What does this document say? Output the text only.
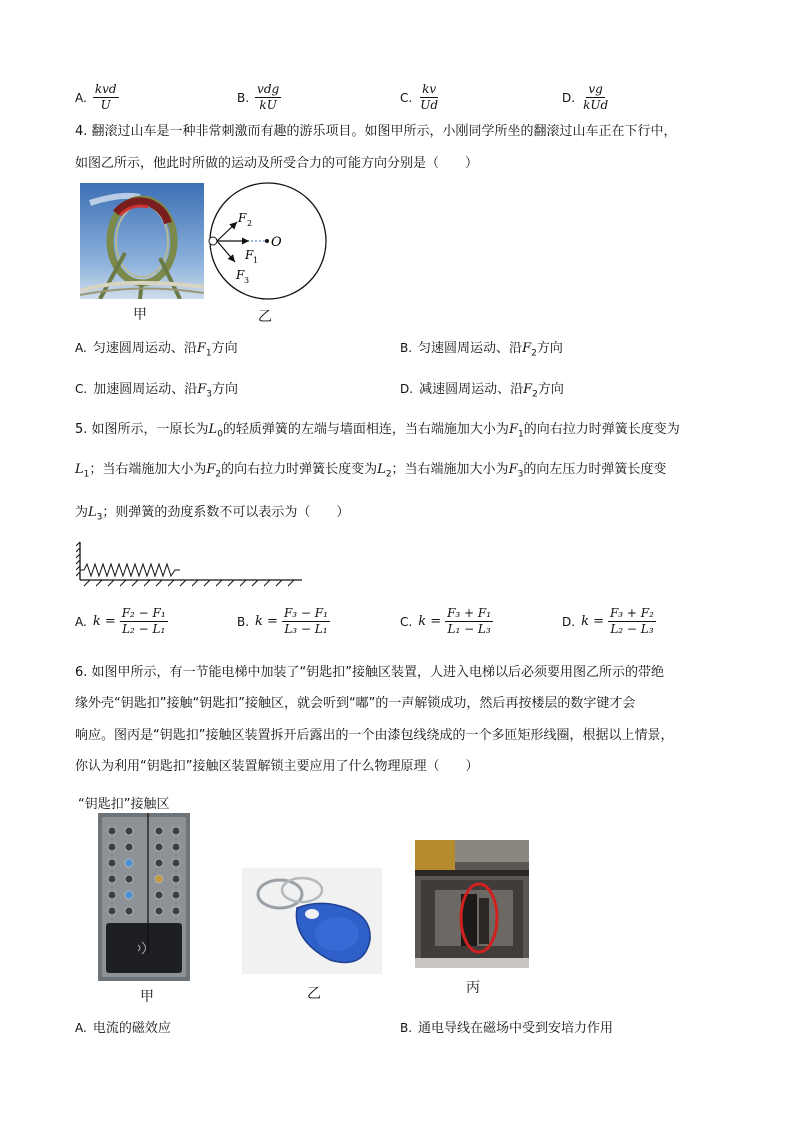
A. $\frac{\text{kvd}}{U}$	B. $\frac{\text{vdg}}{kU}$	C. $\frac{kv}{Ud}$	D. $\frac{vg}{\text{kUd}}$
4. 翻滚过山车是一种非常刺激而有趣的游乐项目。如图甲所示，小刚同学所坐的翻滚过山车正在下行中，
如图乙所示，他此时所做的运动及所受合力的可能方向分别是（　　）
甲
F 2
F 1
F 3
O
乙
A. 匀速圆周运动、沿$F_1$方向	B. 匀速圆周运动、沿$F_2$方向
C. 加速圆周运动、沿$F_3$方向	D. 减速圆周运动、沿$F_2$方向
5. 如图所示，一原长为$L_0$的轻质弹簧的左端与墙面相连，当右端施加大小为$F_1$的向右拉力时弹簧长度变为
$L_1$；当右端施加大小为$F_2$的向右拉力时弹簧长度变为$L_2$；当右端施加大小为$F_3$的向左压力时弹簧长度变
为$L_3$；则弹簧的劲度系数不可以表示为（　　）
A. $k = \frac{\text{F₂ − F₁}}{\text{L₂ − L₁}}$	B. $k = \frac{\text{F₃ − F₁}}{\text{L₃ − L₁}}$	C. $k = \frac{\text{F₃ + F₁}}{\text{L₁ − L₃}}$	D. $k = \frac{\text{F₃ + F₂}}{\text{L₂ − L₃}}$
6. 如图甲所示，有一节能电梯中加装了“钥匙扣”接触区装置，人进入电梯以后必须要用图乙所示的带绝
缘外壳“钥匙扣”接触“钥匙扣”接触区，就会听到“嘟”的一声解锁成功，然后再按楼层的数字键才会
响应。图丙是“钥匙扣”接触区装置拆开后露出的一个由漆包线绕成的一个多匝矩形线圈，根据以上情景，
你认为利用“钥匙扣”接触区装置解锁主要应用了什么物理原理（　　）
“钥匙扣”接触区
甲	乙	丙
A. 电流的磁效应	B. 通电导线在磁场中受到安培力作用
